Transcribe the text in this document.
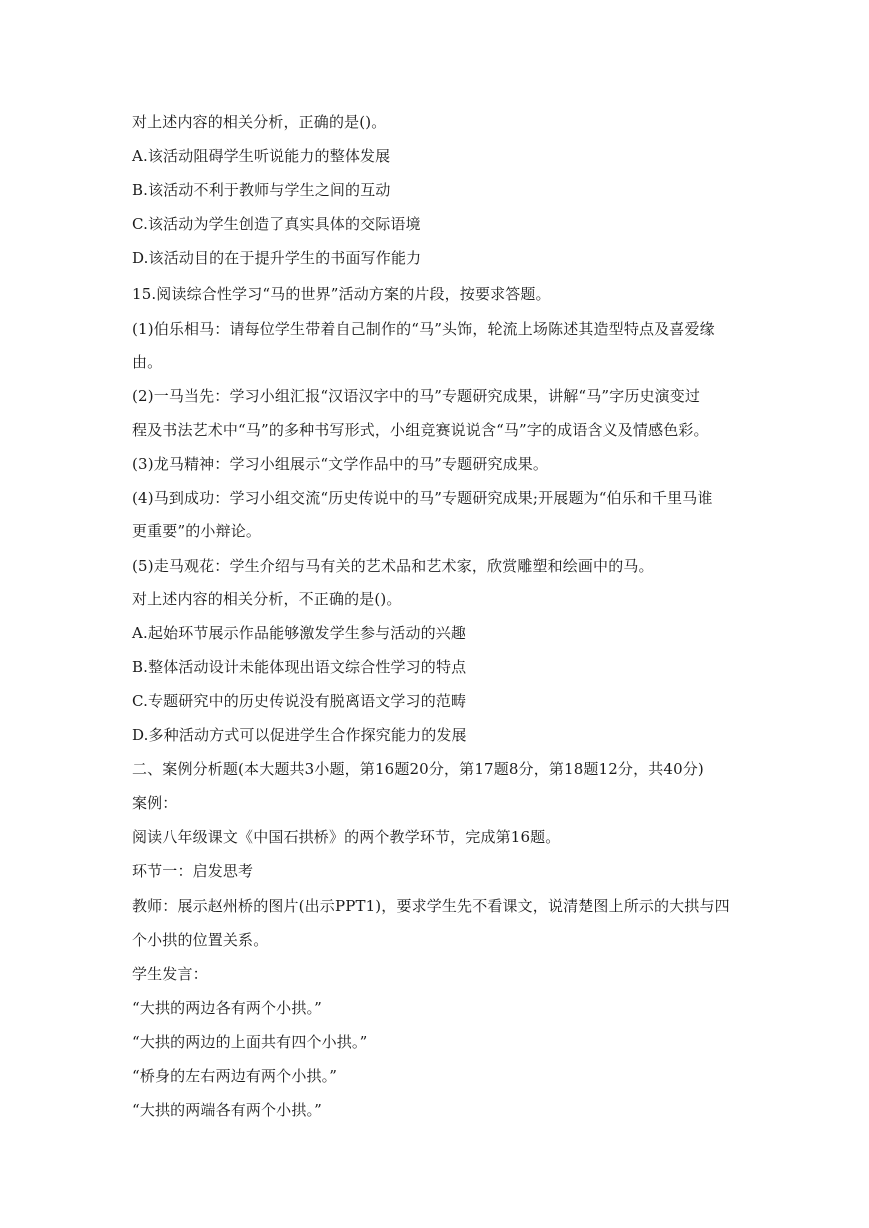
对上述内容的相关分析，正确的是()。
A.该活动阻碍学生听说能力的整体发展
B.该活动不利于教师与学生之间的互动
C.该活动为学生创造了真实具体的交际语境
D.该活动目的在于提升学生的书面写作能力
15.阅读综合性学习“马的世界”活动方案的片段，按要求答题。
(1)伯乐相马：请每位学生带着自己制作的“马”头饰，轮流上场陈述其造型特点及喜爱缘
由。
(2)一马当先：学习小组汇报“汉语汉字中的马”专题研究成果，讲解“马”字历史演变过
程及书法艺术中“马”的多种书写形式，小组竞赛说说含“马”字的成语含义及情感色彩。
(3)龙马精神：学习小组展示“文学作品中的马”专题研究成果。
(4)马到成功：学习小组交流“历史传说中的马”专题研究成果;开展题为“伯乐和千里马谁
更重要”的小辩论。
(5)走马观花：学生介绍与马有关的艺术品和艺术家，欣赏雕塑和绘画中的马。
对上述内容的相关分析，不正确的是()。
A.起始环节展示作品能够激发学生参与活动的兴趣
B.整体活动设计未能体现出语文综合性学习的特点
C.专题研究中的历史传说没有脱离语文学习的范畴
D.多种活动方式可以促进学生合作探究能力的发展
二、案例分析题(本大题共3小题，第16题20分，第17题8分，第18题12分，共40分)
案例：
阅读八年级课文《中国石拱桥》的两个教学环节，完成第16题。
环节一：启发思考
教师：展示赵州桥的图片(出示PPT1)，要求学生先不看课文，说清楚图上所示的大拱与四
个小拱的位置关系。
学生发言：
“大拱的两边各有两个小拱。”
“大拱的两边的上面共有四个小拱。”
“桥身的左右两边有两个小拱。”
“大拱的两端各有两个小拱。”
